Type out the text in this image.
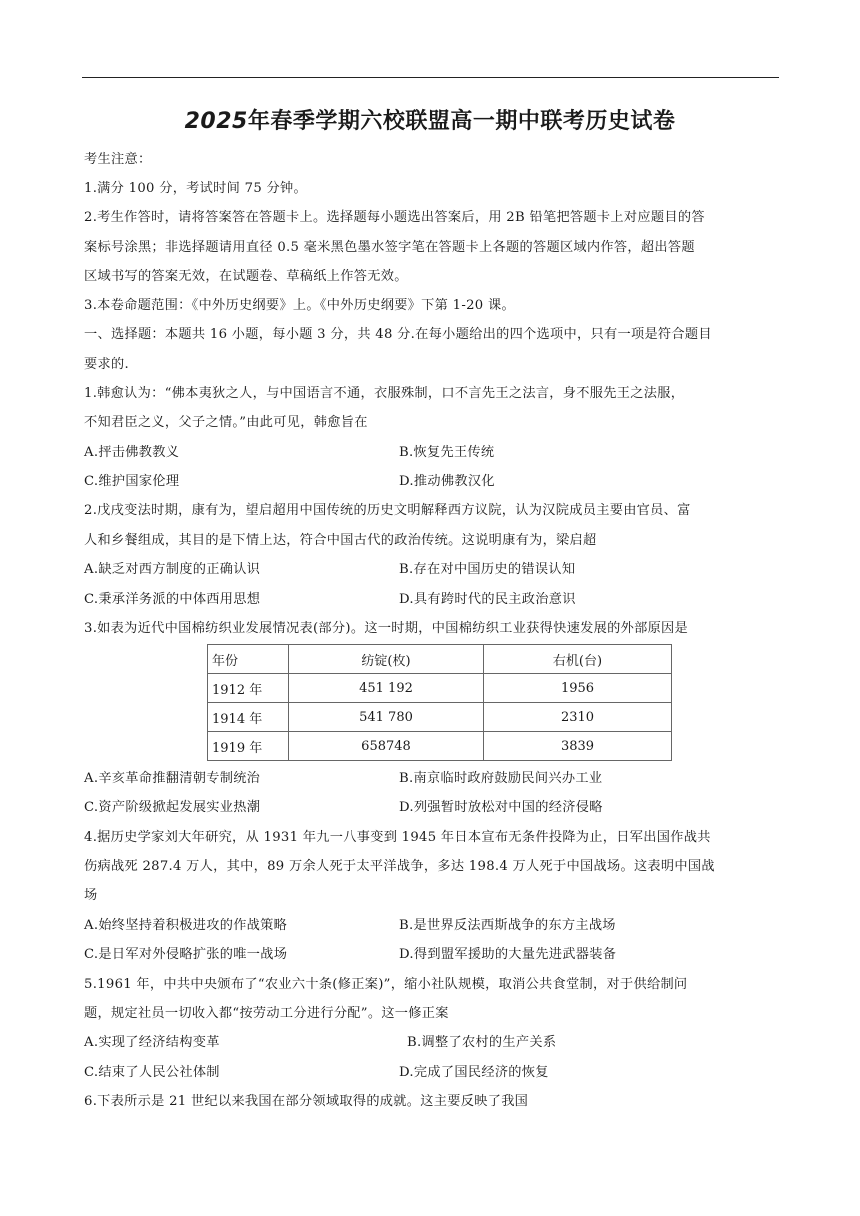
2025年春季学期六校联盟高一期中联考历史试卷
考生注意：
1.满分 100 分，考试时间 75 分钟。
2.考生作答时，请将答案答在答题卡上。选择题每小题选出答案后，用 2B 铅笔把答题卡上对应题目的答
案标号涂黑；非选择题请用直径 0.5 毫米黑色墨水签字笔在答题卡上各题的答题区域内作答，超出答题
区域书写的答案无效，在试题卷、草稿纸上作答无效。
3.本卷命题范围：《中外历史纲要》上。《中外历史纲要》下第 1-20 课。
一、选择题：本题共 16 小题，每小题 3 分，共 48 分.在每小题给出的四个选项中，只有一项是符合题目
要求的.
1.韩愈认为：“佛本夷狄之人，与中国语言不通，衣服殊制，口不言先王之法言，身不服先王之法服，
不知君臣之义，父子之情。”由此可见，韩愈旨在
A.抨击佛教教义	B.恢复先王传统
C.维护国家伦理	D.推动佛教汉化
2.戊戌变法时期，康有为，望启超用中国传统的历史文明解释西方议院，认为汉院成员主要由官员、富
人和乡餐组成，其目的是下情上达，符合中国古代的政治传统。这说明康有为，梁启超
A.缺乏对西方制度的正确认识	B.存在对中国历史的错误认知
C.秉承洋务派的中体西用思想	D.具有跨时代的民主政治意识
3.如表为近代中国棉纺织业发展情况表(部分)。这一时期，中国棉纺织工业获得快速发展的外部原因是
年份	纺锭(枚)	右机(台)
1912 年	451 192	1956
1914 年	541 780	2310
1919 年	658748	3839
A.辛亥革命推翻清朝专制统治	B.南京临时政府鼓励民间兴办工业
C.资产阶级掀起发展实业热潮	D.列强暂时放松对中国的经济侵略
4.据历史学家刘大年研究，从 1931 年九一八事变到 1945 年日本宣布无条件投降为止，日军出国作战共
伤病战死 287.4 万人，其中，89 万余人死于太平洋战争，多达 198.4 万人死于中国战场。这表明中国战
场
A.始终坚持着积极进攻的作战策略	B.是世界反法西斯战争的东方主战场
C.是日军对外侵略扩张的唯一战场	D.得到盟军援助的大量先进武器装备
5.1961 年，中共中央颁布了“农业六十条(修正案)”，缩小社队规模，取消公共食堂制，对于供给制问
题，规定社员一切收入都“按劳动工分进行分配”。这一修正案
A.实现了经济结构变革	B.调整了农村的生产关系
C.结束了人民公社体制	D.完成了国民经济的恢复
6.下表所示是 21 世纪以来我国在部分领域取得的成就。这主要反映了我国
